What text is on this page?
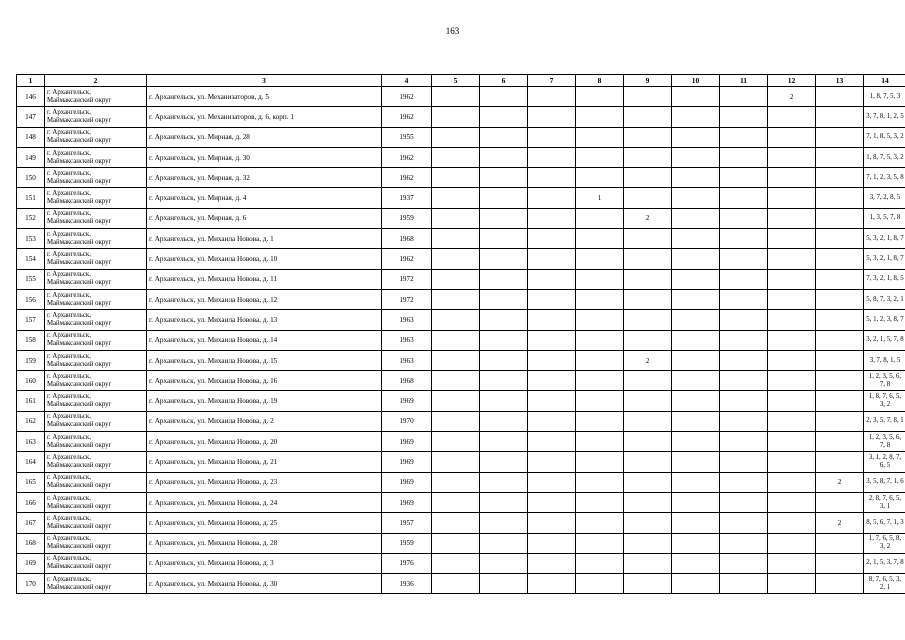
163
1	2	3	4	5	6	7	8	9	10	11	12	13	14
146	г. Архангельск,
Маймаксанский округ	г. Архангельск, ул. Механизаторов, д. 5	1962								2		1, 8, 7, 5, 3
147	г. Архангельск,
Маймаксанский округ	г. Архангельск, ул. Механизаторов, д. 6, корп. 1	1962										3, 7, 8, 1, 2, 5
148	г. Архангельск,
Маймаксанский округ	г. Архангельск, ул. Мирная, д. 28	1955										7, 1, 8, 5, 3, 2
149	г. Архангельск,
Маймаксанский округ	г. Архангельск, ул. Мирная, д. 30	1962										1, 8, 7, 5, 3, 2
150	г. Архангельск,
Маймаксанский округ	г. Архангельск, ул. Мирная, д. 32	1962										7, 1, 2, 3, 5, 8
151	г. Архангельск,
Маймаксанский округ	г. Архангельск, ул. Мирная, д. 4	1937				1						3, 7, 2, 8, 5
152	г. Архангельск,
Маймаксанский округ	г. Архангельск, ул. Мирная, д. 6	1959					2					1, 3, 5, 7, 8
153	г. Архангельск,
Маймаксанский округ	г. Архангельск, ул. Михаила Новова, д. 1	1968										5, 3, 2, 1, 8, 7
154	г. Архангельск,
Маймаксанский округ	г. Архангельск, ул. Михаила Новова, д. 10	1962										5, 3, 2, 1, 8, 7
155	г. Архангельск,
Маймаксанский округ	г. Архангельск, ул. Михаила Новова, д. 11	1972										7, 3, 2, 1, 8, 5
156	г. Архангельск,
Маймаксанский округ	г. Архангельск, ул. Михаила Новова, д. 12	1972										5, 8, 7, 3, 2, 1
157	г. Архангельск,
Маймаксанский округ	г. Архангельск, ул. Михаила Новова, д. 13	1963										5, 1, 2, 3, 8, 7
158	г. Архангельск,
Маймаксанский округ	г. Архангельск, ул. Михаила Новова, д. 14	1963										3, 2, 1, 5, 7, 8
159	г. Архангельск,
Маймаксанский округ	г. Архангельск, ул. Михаила Новова, д. 15	1963					2					3, 7, 8, 1, 5
160	г. Архангельск,
Маймаксанский округ	г. Архангельск, ул. Михаила Новова, д. 16	1968										1, 2, 3, 5, 6, 7, 8
161	г. Архангельск,
Маймаксанский округ	г. Архангельск, ул. Михаила Новова, д. 19	1969										1, 8, 7, 6, 5, 3, 2
162	г. Архангельск,
Маймаксанский округ	г. Архангельск, ул. Михаила Новова, д. 2	1970										2, 3, 5, 7, 8, 1
163	г. Архангельск,
Маймаксанский округ	г. Архангельск, ул. Михаила Новова, д. 20	1969										1, 2, 3, 5, 6, 7, 8
164	г. Архангельск,
Маймаксанский округ	г. Архангельск, ул. Михаила Новова, д. 21	1969										3, 1, 2, 8, 7, 6, 5
165	г. Архангельск,
Маймаксанский округ	г. Архангельск, ул. Михаила Новова, д. 23	1969									2	3, 5, 8, 7, 1, 6
166	г. Архангельск,
Маймаксанский округ	г. Архангельск, ул. Михаила Новова, д. 24	1969										2, 8, 7, 6, 5, 3, 1
167	г. Архангельск,
Маймаксанский округ	г. Архангельск, ул. Михаила Новова, д. 25	1957									2	8, 5, 6, 7, 1, 3
168	г. Архангельск,
Маймаксанский округ	г. Архангельск, ул. Михаила Новова, д. 28	1959										1, 7, 6, 5, 8, 3, 2
169	г. Архангельск,
Маймаксанский округ	г. Архангельск, ул. Михаила Новова, д. 3	1976										2, 1, 5, 3, 7, 8
170	г. Архангельск,
Маймаксанский округ	г. Архангельск, ул. Михаила Новова, д. 30	1936										8, 7, 6, 5, 3, 2, 1
